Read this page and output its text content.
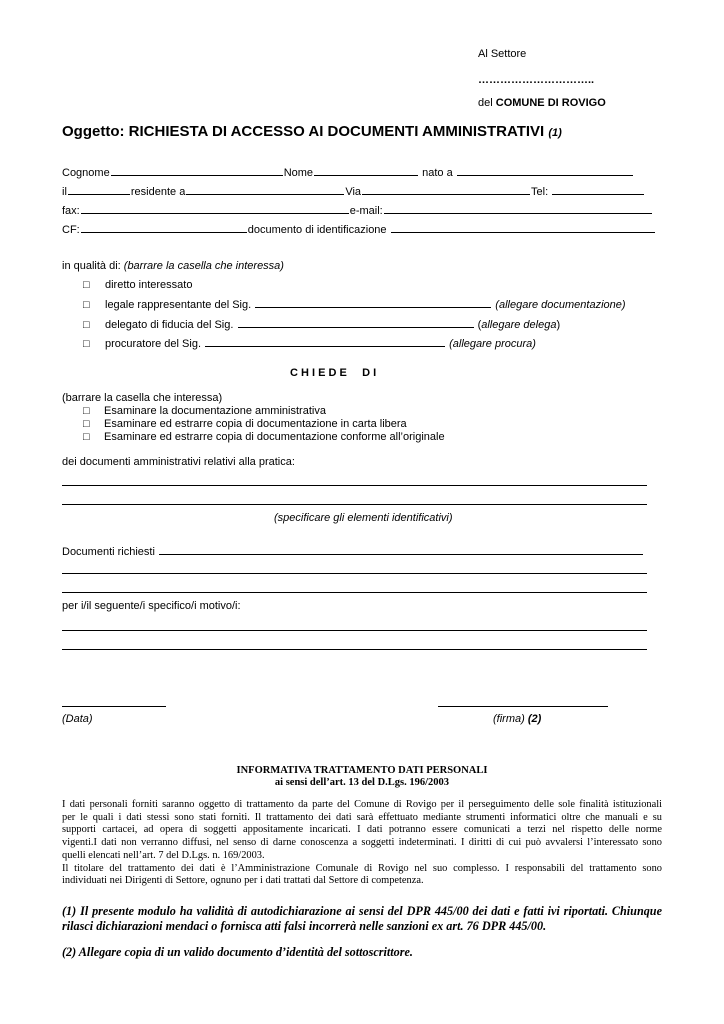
Al Settore
…………………………..
del COMUNE DI ROVIGO
Oggetto: RICHIESTA DI ACCESSO AI DOCUMENTI AMMINISTRATIVI (1)
Cognome	Nome	nato a
il	residente a	Via	Tel:
fax:	e-mail:
CF:	documento di identificazione
in qualità di: (barrare la casella che interessa)
□ diretto interessato
□ legale rappresentante del Sig.	(allegare documentazione)
□ delegato di fiducia del Sig.	(allegare delega)
□ procuratore del Sig.	(allegare procura)
C H I E D E     D I
(barrare la casella che interessa)
□ Esaminare la documentazione amministrativa
□ Esaminare ed estrarre copia di documentazione in carta libera
□ Esaminare ed estrarre copia di documentazione conforme all’originale
dei documenti amministrativi relativi alla pratica:
(specificare gli elementi identificativi)
Documenti richiesti
per i/il seguente/i specifico/i motivo/i:
(Data)	(firma) (2)
INFORMATIVA TRATTAMENTO DATI PERSONALI
ai sensi dell’art. 13 del D.Lgs. 196/2003
I dati personali forniti saranno oggetto di trattamento da parte del Comune di Rovigo per il perseguimento delle sole finalità istituzionali
per le quali i dati stessi sono stati forniti. Il trattamento dei dati sarà effettuato mediante strumenti informatici oltre che manuali e su
supporti cartacei, ad opera di soggetti appositamente incaricati. I dati potranno essere comunicati a terzi nel rispetto delle norme
vigenti.I dati non verranno diffusi, nel senso di darne conoscenza a soggetti indeterminati. I diritti di cui può avvalersi l’interessato sono
quelli elencati nell’art. 7 del D.Lgs. n. 169/2003.
Il titolare del trattamento dei dati è l’Amministrazione Comunale di Rovigo nel suo complesso. I responsabili del trattamento sono
individuati nei Dirigenti di Settore, ognuno per i dati trattati dal Settore di competenza.
(1) Il presente modulo ha validità di autodichiarazione ai sensi del DPR 445/00 dei dati e fatti ivi riportati. Chiunque
rilasci dichiarazioni mendaci o fornisca atti falsi incorrerà nelle sanzioni ex art. 76 DPR 445/00.
(2) Allegare copia di un valido documento d’identità del sottoscrittore.
